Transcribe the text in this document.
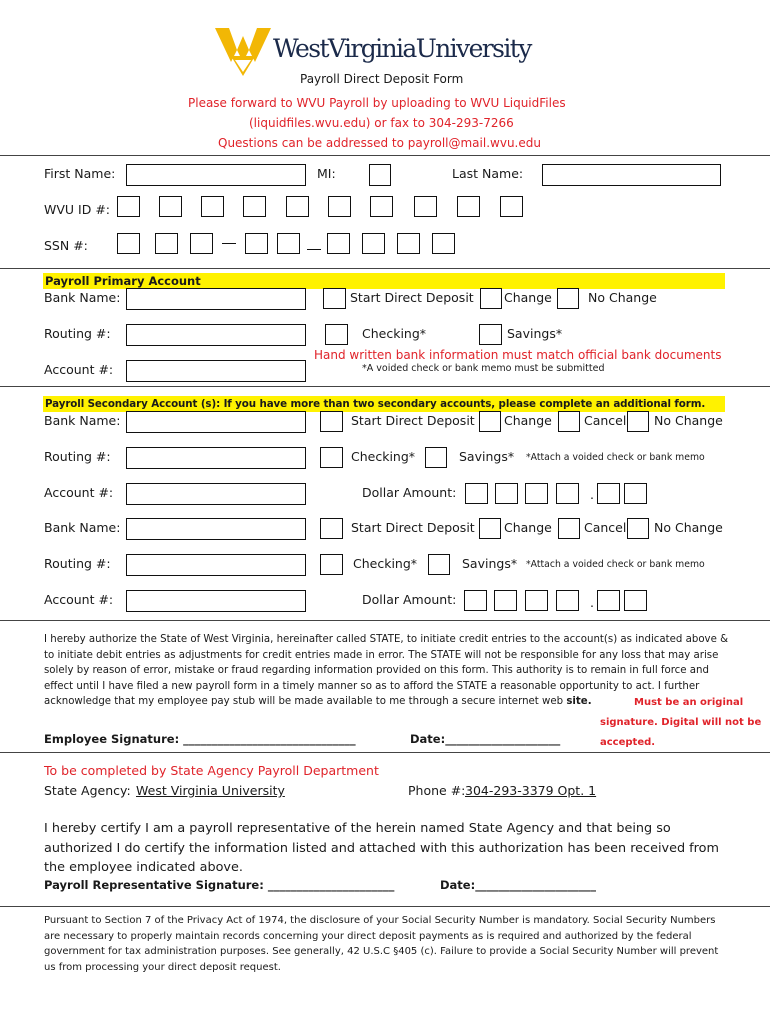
WestVirginiaUniversity
Payroll Direct Deposit Form
Please forward to WVU Payroll by uploading to WVU LiquidFiles
(liquidfiles.wvu.edu) or fax to 304-293-7266
Questions can be addressed to payroll@mail.wvu.edu
First Name:	MI:	Last Name:
WVU ID #:
SSN #:
Payroll Primary Account
Bank Name:	Start Direct Deposit Change	No Change
Routing #:	Checking*	Savings*
Hand written bank information must match official bank documents
Account #:	*A voided check or bank memo must be submitted
Payroll Secondary Account (s): If you have more than two secondary accounts, please complete an additional form.
Bank Name:	Start Direct Deposit Change	Cancel No Change
Routing #:	Checking*	Savings* *Attach a voided check or bank memo
Account #:	Dollar Amount:	.
Bank Name:	Start Direct Deposit Change	Cancel No Change
Routing #:	Checking*	Savings* *Attach a voided check or bank memo
Account #:	Dollar Amount:	.
I hereby authorize the State of West Virginia, hereinafter called STATE, to initiate credit entries to the account(s) as indicated above & to initiate debit entries as adjustments for credit entries made in error. The STATE will not be responsible for any loss that may arise solely by reason of error, mistake or fraud regarding information provided on this form. This authority is to remain in full force and effect until I have filed a new payroll form in a timely manner so as to afford the STATE a reasonable opportunity to act. I further acknowledge that my employee pay stub will be made available to me through a secure internet web site.	Must be an original
signature. Digital will not be
accepted.
Employee Signature: ______________________________	Date:____________________
To be completed by State Agency Payroll Department
State Agency: West Virginia University	Phone #: 304-293-3379 Opt. 1
I hereby certify I am a payroll representative of the herein named State Agency and that being so authorized I do certify the information listed and attached with this authorization has been received from the employee indicated above.
Payroll Representative Signature: ______________________	Date:_____________________
Pursuant to Section 7 of the Privacy Act of 1974, the disclosure of your Social Security Number is mandatory. Social Security Numbers are necessary to properly maintain records concerning your direct deposit payments as is required and authorized by the federal government for tax administration purposes. See generally, 42 U.S.C §405 (c). Failure to provide a Social Security Number will prevent us from processing your direct deposit request.
